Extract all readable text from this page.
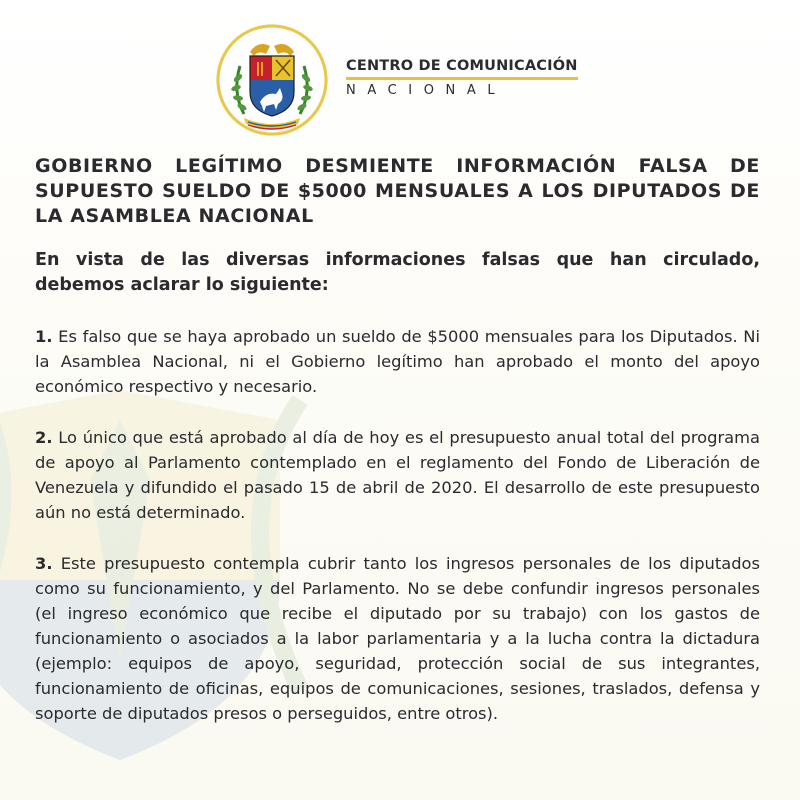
CENTRO DE COMUNICACIÓN
NACIONAL
GOBIERNO LEGÍTIMO DESMIENTE INFORMACIÓN FALSA DE SUPUESTO SUELDO DE $5000 MENSUALES A LOS DIPUTADOS DE LA ASAMBLEA NACIONAL

En vista de las diversas informaciones falsas que han circulado, debemos aclarar lo siguiente:

1. Es falso que se haya aprobado un sueldo de $5000 mensuales para los Diputados. Ni la Asamblea Nacional, ni el Gobierno legítimo han aprobado el monto del apoyo económico respectivo y necesario.

2. Lo único que está aprobado al día de hoy es el presupuesto anual total del programa de apoyo al Parlamento contemplado en el reglamento del Fondo de Liberación de Venezuela y difundido el pasado 15 de abril de 2020. El desarrollo de este presupuesto aún no está determinado.

3. Este presupuesto contempla cubrir tanto los ingresos personales de los diputados como su funcionamiento, y del Parlamento. No se debe confundir ingresos personales (el ingreso económico que recibe el diputado por su trabajo) con los gastos de funcionamiento o asociados a la labor parlamentaria y a la lucha contra la dictadura (ejemplo: equipos de apoyo, seguridad, protección social de sus integrantes, funcionamiento de oficinas, equipos de comunicaciones, sesiones, traslados, defensa y soporte de diputados presos o perseguidos, entre otros).
